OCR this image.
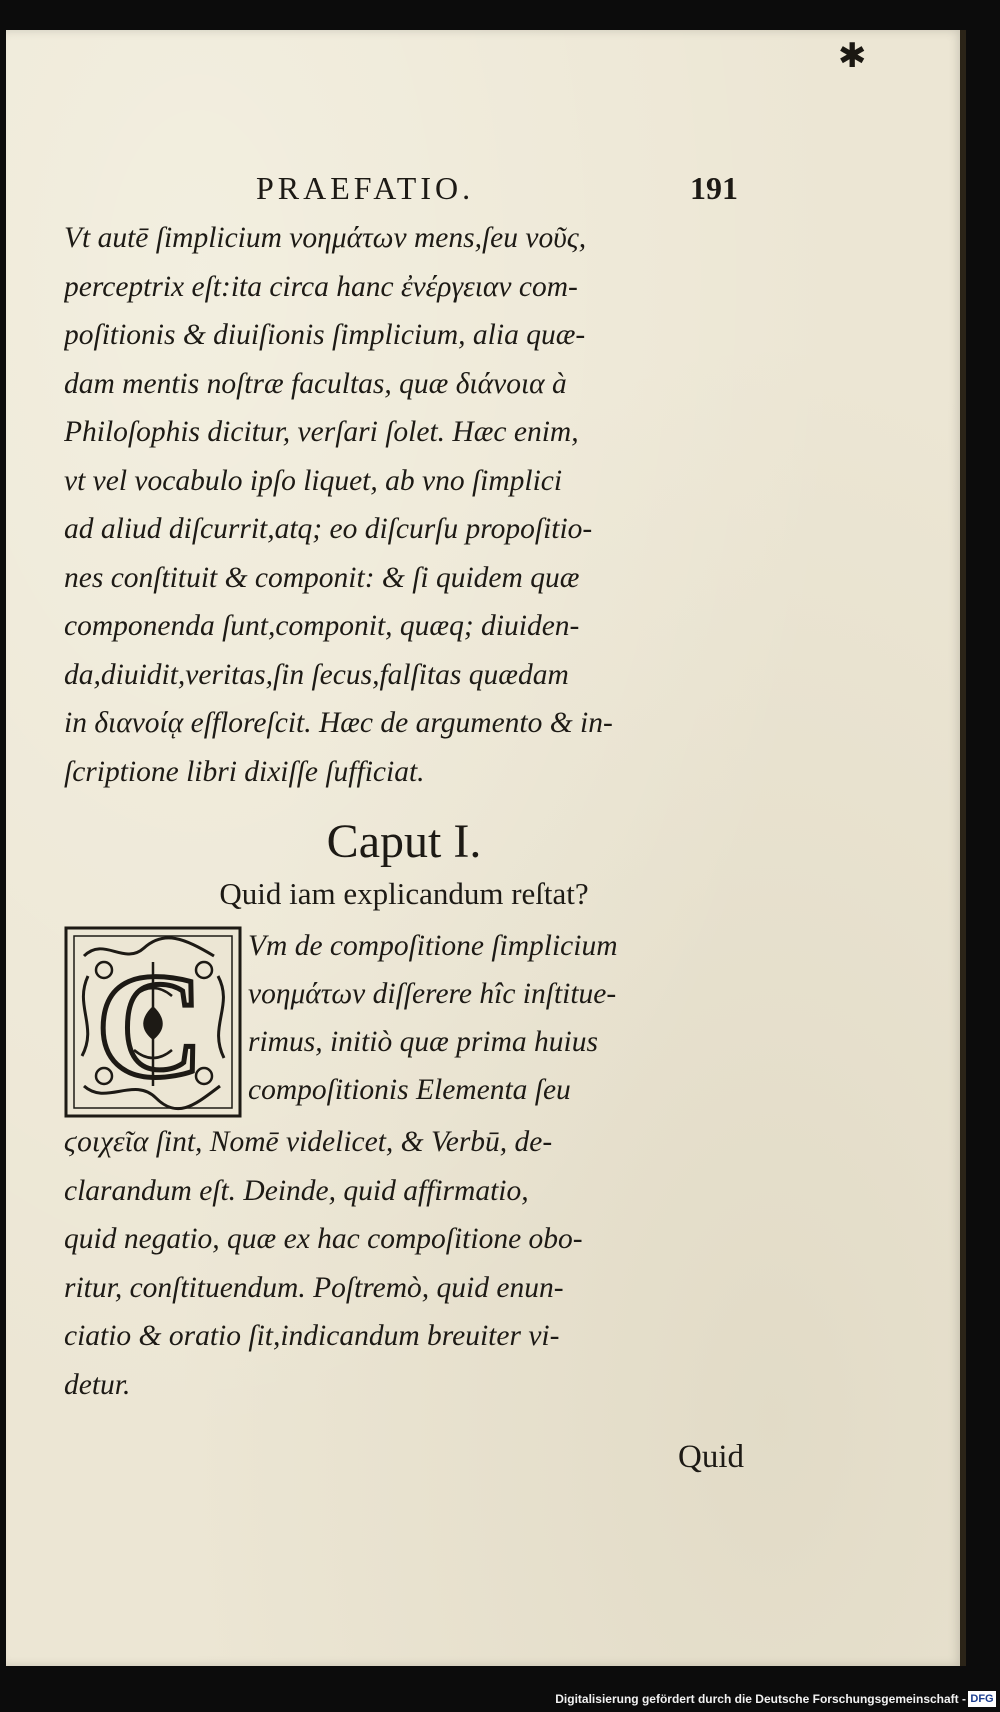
✱
PRAEFATIO.	191
Vt autē ſimplicium νοημάτων mens,ſeu νοῦς,
perceptrix eſt:ita circa hanc ἐνέργειαν com-
poſitionis & diuiſionis ſimplicium, alia quæ-
dam mentis noſtræ facultas, quæ διάνοια à
Philoſophis dicitur, verſari ſolet. Hæc enim,
vt vel vocabulo ipſo liquet, ab vno ſimplici
ad aliud diſcurrit,atq; eo diſcurſu propoſitio-
nes conſtituit & componit: & ſi quidem quæ
componenda ſunt,componit, quæq; diuiden-
da,diuidit,veritas,ſin ſecus,falſitas quædam
in διανοίᾳ eſfloreſcit. Hæc de argumento & in-
ſcriptione libri dixiſſe ſufficiat.
Caput I.
Quid iam explicandum reſtat?
C Vm de compoſitione ſimplicium
νοημάτων diſſerere hîc inſtitue-
rimus, initiò quæ prima huius
compoſitionis Elementa ſeu
ϛοιχεῖα ſint, Nomē videlicet, & Verbū, de-
clarandum eſt. Deinde, quid affirmatio,
quid negatio, quæ ex hac compoſitione obo-
ritur, conſtituendum. Poſtremò, quid enun-
ciatio & oratio ſit,indicandum breuiter vi-
detur.
Quid
Digitalisierung gefördert durch die Deutsche Forschungsgemeinschaft - DFG
